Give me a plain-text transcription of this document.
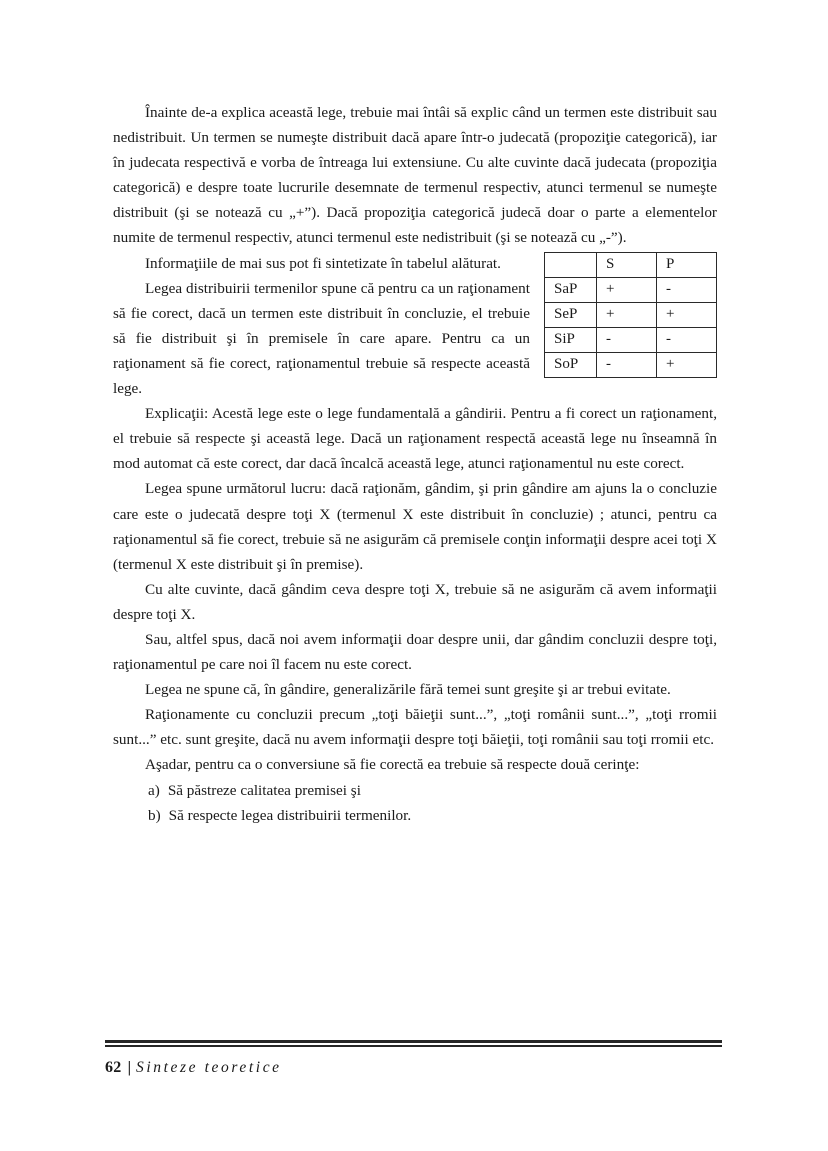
Înainte de-a explica această lege, trebuie mai întâi să explic când un termen este distribuit sau nedistribuit. Un termen se numeşte distribuit dacă apare într-o judecată (propoziţie categorică), iar în judecata respectivă e vorba de întreaga lui extensiune. Cu alte cuvinte dacă judecata (propoziţia categorică) e despre toate lucrurile desemnate de termenul respectiv, atunci termenul se numeşte distribuit (şi se notează cu „+”). Dacă propoziţia categorică judecă doar o parte a elementelor numite de termenul respectiv, atunci termenul este nedistribuit (şi se notează cu „-”).

	S	P
SaP	+	-
SeP	+	+
SiP	-	-
SoP	-	+

Informaţiile de mai sus pot fi sintetizate în tabelul alăturat.

Legea distribuirii termenilor spune că pentru ca un raţionament să fie corect, dacă un termen este distribuit în concluzie, el trebuie să fie distribuit şi în premisele în care apare. Pentru ca un raţionament să fie corect, raţionamentul trebuie să respecte această lege.

Explicaţii: Acestă lege este o lege fundamentală a gândirii. Pentru a fi corect un raţionament, el trebuie să respecte şi această lege. Dacă un raţionament respectă această lege nu înseamnă în mod automat că este corect, dar dacă încalcă această lege, atunci raţionamentul nu este corect.

Legea spune următorul lucru: dacă raţionăm, gândim, şi prin gândire am ajuns la o concluzie care este o judecată despre toţi X (termenul X este distribuit în concluzie) ; atunci, pentru ca raţionamentul să fie corect, trebuie să ne asigurăm că premisele conţin informaţii despre acei toţi X (termenul X este distribuit şi în premise).

Cu alte cuvinte, dacă gândim ceva despre toţi X, trebuie să ne asigurăm că avem informaţii despre toţi X.

Sau, altfel spus, dacă noi avem informaţii doar despre unii, dar gândim concluzii despre toţi, raţionamentul pe care noi îl facem nu este corect.

Legea ne spune că, în gândire, generalizările fără temei sunt greşite şi ar trebui evitate.

Raţionamente cu concluzii precum „toţi băieţii sunt...”, „toţi românii sunt...”, „toţi rromii sunt...” etc. sunt greşite, dacă nu avem informaţii despre toţi băieţii, toţi românii sau toţi rromii etc.

Aşadar, pentru ca o conversiune să fie corectă ea trebuie să respecte două cerinţe:

a) Să păstreze calitatea premisei şi
b) Să respecte legea distribuirii termenilor.
62 | Sinteze teoretice
